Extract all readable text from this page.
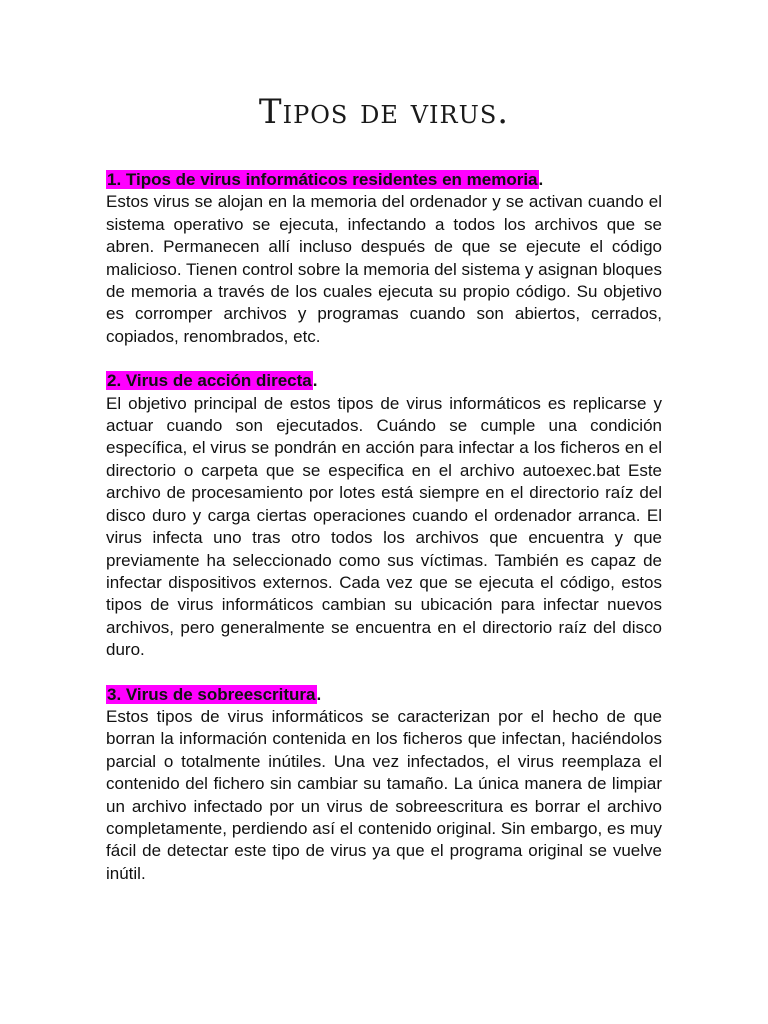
Tipos de virus.

1. Tipos de virus informáticos residentes en memoria.

Estos virus se alojan en la memoria del ordenador y se activan cuando el sistema operativo se ejecuta, infectando a todos los archivos que se abren. Permanecen allí incluso después de que se ejecute el código malicioso. Tienen control sobre la memoria del sistema y asignan bloques de memoria a través de los cuales ejecuta su propio código. Su objetivo es corromper archivos y programas cuando son abiertos, cerrados, copiados, renombrados, etc.

2. Virus de acción directa.

El objetivo principal de estos tipos de virus informáticos es replicarse y actuar cuando son ejecutados. Cuándo se cumple una condición específica, el virus se pondrán en acción para infectar a los ficheros en el directorio o carpeta que se especifica en el archivo autoexec.bat Este archivo de procesamiento por lotes está siempre en el directorio raíz del disco duro y carga ciertas operaciones cuando el ordenador arranca. El virus infecta uno tras otro todos los archivos que encuentra y que previamente ha seleccionado como sus víctimas. También es capaz de infectar dispositivos externos. Cada vez que se ejecuta el código, estos tipos de virus informáticos cambian su ubicación para infectar nuevos archivos, pero generalmente se encuentra en el directorio raíz del disco duro.

3. Virus de sobreescritura.

Estos tipos de virus informáticos se caracterizan por el hecho de que borran la información contenida en los ficheros que infectan, haciéndolos parcial o totalmente inútiles. Una vez infectados, el virus reemplaza el contenido del fichero sin cambiar su tamaño. La única manera de limpiar un archivo infectado por un virus de sobreescritura es borrar el archivo completamente, perdiendo así el contenido original. Sin embargo, es muy fácil de detectar este tipo de virus ya que el programa original se vuelve inútil.
